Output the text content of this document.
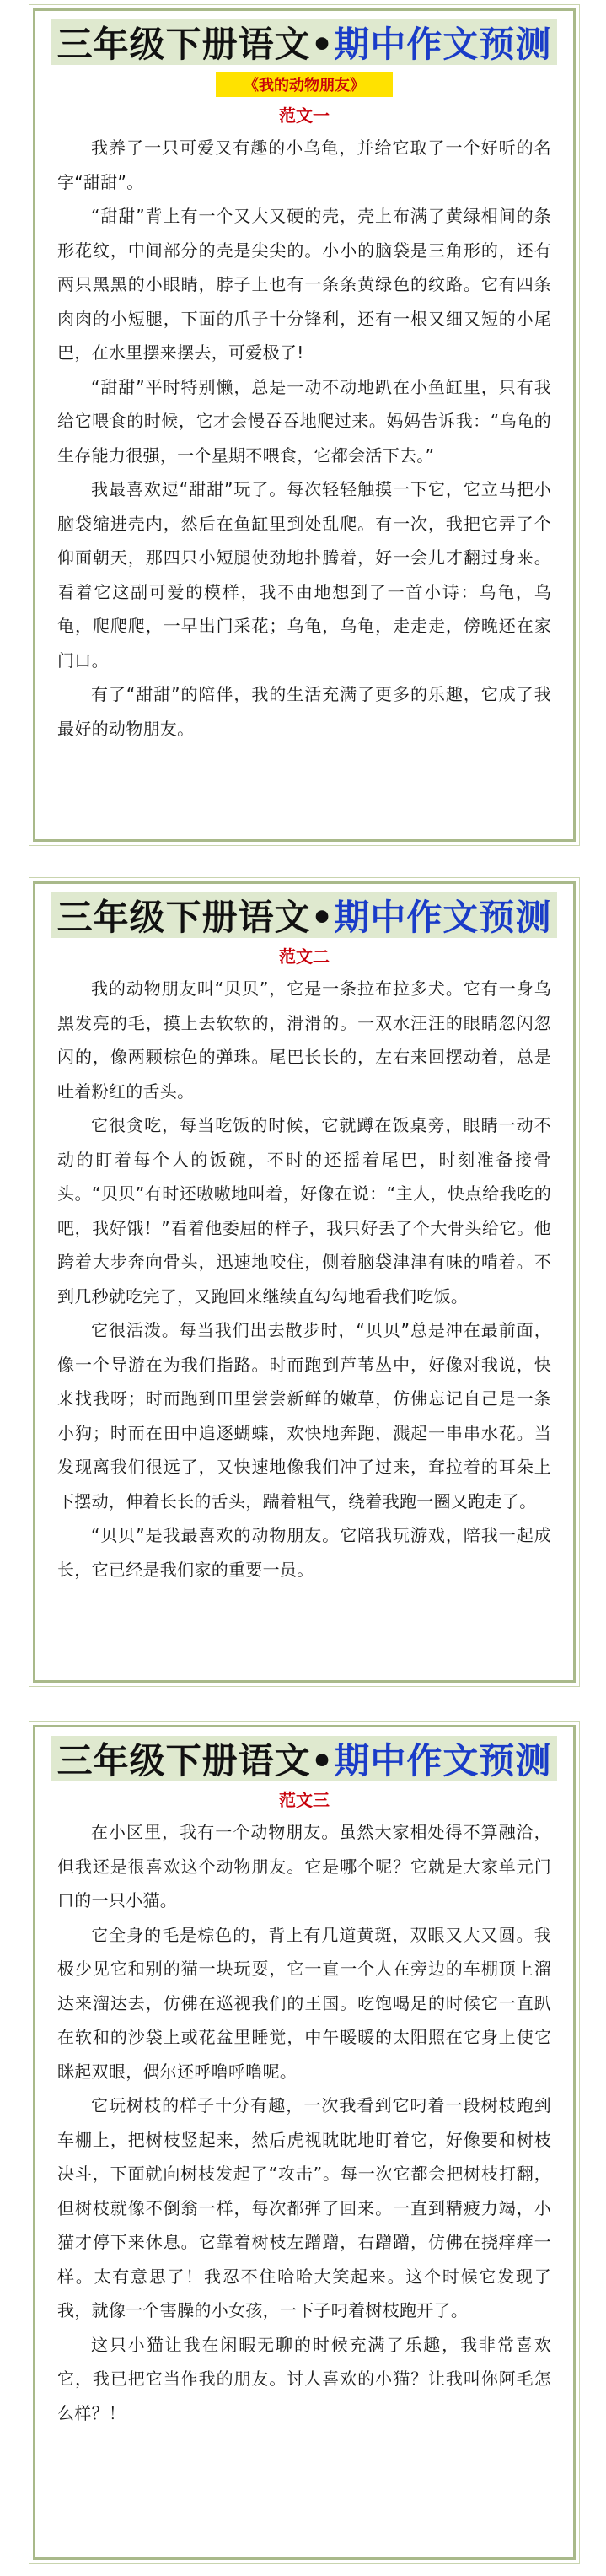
三年级下册语文• 期中作文预测
《我的动物朋友》
范文一

我养了一只可爱又有趣的小乌龟，并给它取了一个好听的名字“甜甜”。

“甜甜”背上有一个又大又硬的壳，壳上布满了黄绿相间的条形花纹，中间部分的壳是尖尖的。小小的脑袋是三角形的，还有两只黑黑的小眼睛，脖子上也有一条条黄绿色的纹路。它有四条肉肉的小短腿，下面的爪子十分锋利，还有一根又细又短的小尾巴，在水里摆来摆去，可爱极了!

“甜甜”平时特别懒，总是一动不动地趴在小鱼缸里，只有我给它喂食的时候，它才会慢吞吞地爬过来。妈妈告诉我：“乌龟的生存能力很强，一个星期不喂食，它都会活下去。”

我最喜欢逗“甜甜”玩了。每次轻轻触摸一下它，它立马把小脑袋缩进壳内，然后在鱼缸里到处乱爬。有一次，我把它弄了个仰面朝天，那四只小短腿使劲地扑腾着，好一会儿才翻过身来。看着它这副可爱的模样，我不由地想到了一首小诗：乌龟，乌龟，爬爬爬，一早出门采花；乌龟，乌龟，走走走，傍晚还在家门口。

有了“甜甜”的陪伴，我的生活充满了更多的乐趣，它成了我最好的动物朋友。

三年级下册语文• 期中作文预测
范文二

我的动物朋友叫“贝贝”，它是一条拉布拉多犬。它有一身乌黑发亮的毛，摸上去软软的，滑滑的。一双水汪汪的眼睛忽闪忽闪的，像两颗棕色的弹珠。尾巴长长的，左右来回摆动着，总是吐着粉红的舌头。

它很贪吃，每当吃饭的时候，它就蹲在饭桌旁，眼睛一动不动的盯着每个人的饭碗，不时的还摇着尾巴，时刻准备接骨头。“贝贝”有时还嗷嗷地叫着，好像在说：“主人，快点给我吃的吧，我好饿！”看着他委屈的样子，我只好丢了个大骨头给它。他跨着大步奔向骨头，迅速地咬住，侧着脑袋津津有味的啃着。不到几秒就吃完了，又跑回来继续直勾勾地看我们吃饭。

它很活泼。每当我们出去散步时，“贝贝”总是冲在最前面，像一个导游在为我们指路。时而跑到芦苇丛中，好像对我说，快来找我呀；时而跑到田里尝尝新鲜的嫩草，仿佛忘记自己是一条小狗；时而在田中追逐蝴蝶，欢快地奔跑，溅起一串串水花。当发现离我们很远了，又快速地像我们冲了过来，耷拉着的耳朵上下摆动，伸着长长的舌头，踹着粗气，绕着我跑一圈又跑走了。

“贝贝”是我最喜欢的动物朋友。它陪我玩游戏，陪我一起成长，它已经是我们家的重要一员。

三年级下册语文• 期中作文预测
范文三

在小区里，我有一个动物朋友。虽然大家相处得不算融洽，但我还是很喜欢这个动物朋友。它是哪个呢？它就是大家单元门口的一只小猫。

它全身的毛是棕色的，背上有几道黄斑，双眼又大又圆。我极少见它和别的猫一块玩耍，它一直一个人在旁边的车棚顶上溜达来溜达去，仿佛在巡视我们的王国。吃饱喝足的时候它一直趴在软和的沙袋上或花盆里睡觉，中午暖暖的太阳照在它身上使它眯起双眼，偶尔还呼噜呼噜呢。

它玩树枝的样子十分有趣，一次我看到它叼着一段树枝跑到车棚上，把树枝竖起来，然后虎视眈眈地盯着它，好像要和树枝决斗，下面就向树枝发起了“攻击”。每一次它都会把树枝打翻，但树枝就像不倒翁一样，每次都弹了回来。一直到精疲力竭，小猫才停下来休息。它靠着树枝左蹭蹭，右蹭蹭，仿佛在挠痒痒一样。太有意思了！我忍不住哈哈大笑起来。这个时候它发现了我，就像一个害臊的小女孩，一下子叼着树枝跑开了。

这只小猫让我在闲暇无聊的时候充满了乐趣，我非常喜欢它，我已把它当作我的朋友。讨人喜欢的小猫？让我叫你阿毛怎么样？！
